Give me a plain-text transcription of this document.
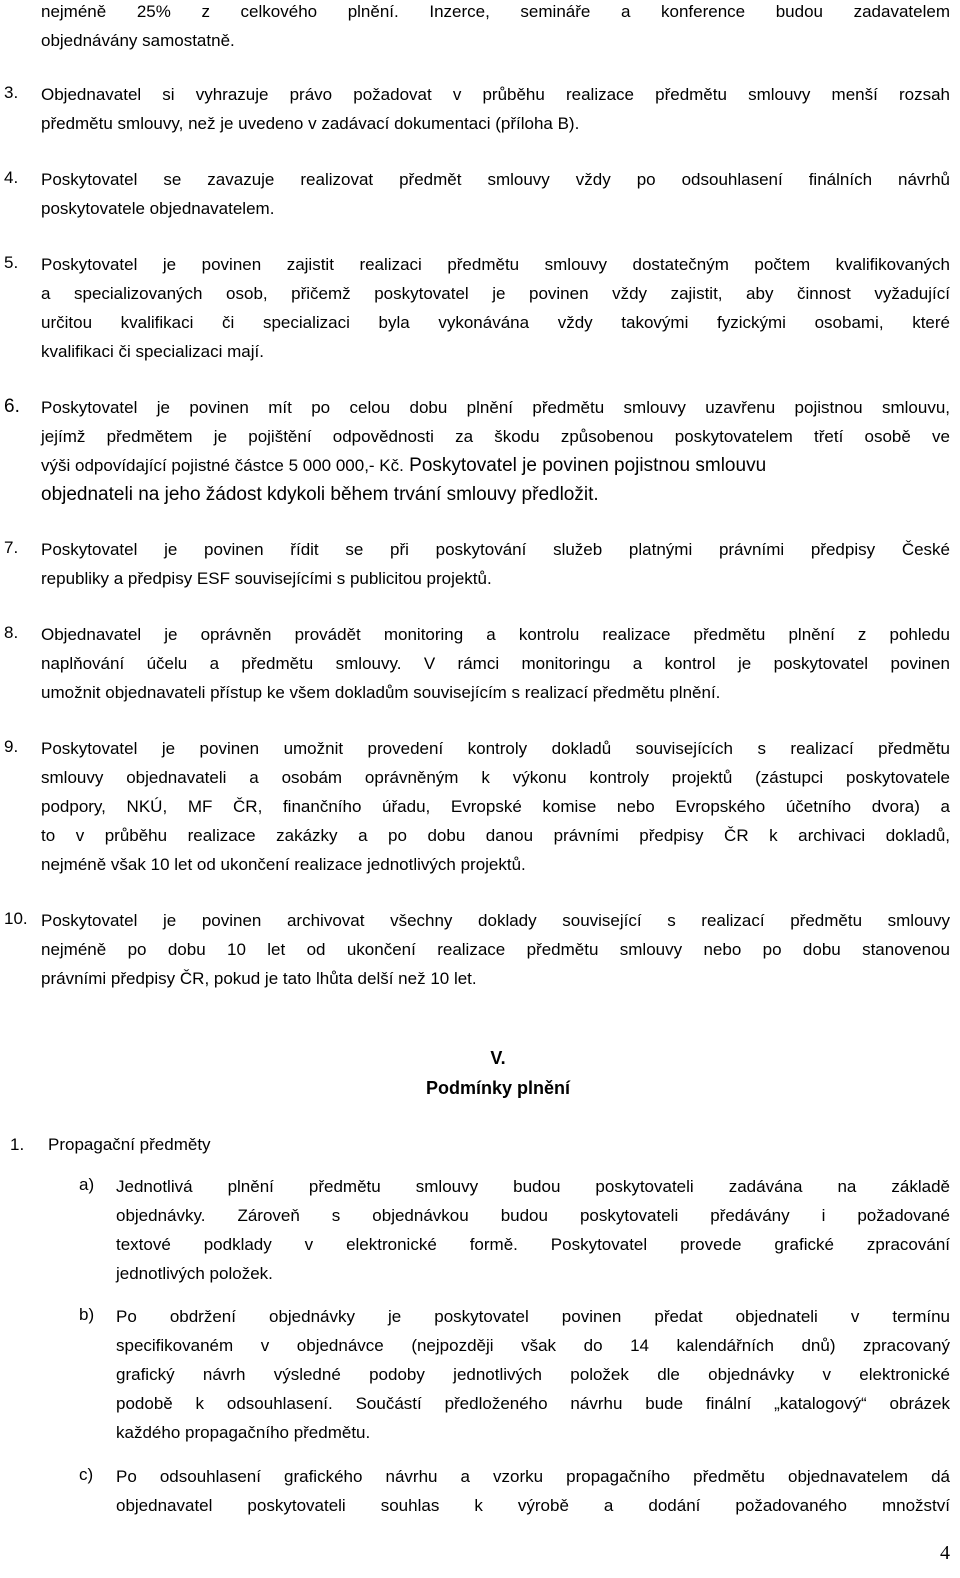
nejméně 25% z celkového plnění. Inzerce, semináře a konference budou zadavatelem
objednávány samostatně.
3.	Objednavatel si vyhrazuje právo požadovat v průběhu realizace předmětu smlouvy menší rozsah
předmětu smlouvy, než je uvedeno v zadávací dokumentaci (příloha B).
4.	Poskytovatel se zavazuje realizovat předmět smlouvy vždy po odsouhlasení finálních návrhů
poskytovatele objednavatelem.
5.	Poskytovatel je povinen zajistit realizaci předmětu smlouvy dostatečným počtem kvalifikovaných
a specializovaných osob, přičemž poskytovatel je povinen vždy zajistit, aby činnost vyžadující
určitou kvalifikaci či specializaci byla vykonávána vždy takovými fyzickými osobami, které
kvalifikaci či specializaci mají.
6.	Poskytovatel je povinen mít po celou dobu plnění předmětu smlouvy uzavřenu pojistnou smlouvu,
jejímž předmětem je pojištění odpovědnosti za škodu způsobenou poskytovatelem třetí osobě ve
výši odpovídající pojistné částce 5 000 000,- Kč. Poskytovatel je povinen pojistnou smlouvu
objednateli na jeho žádost kdykoli během trvání smlouvy předložit.
7.	Poskytovatel je povinen řídit se při poskytování služeb platnými právními předpisy České
republiky a předpisy ESF souvisejícími s publicitou projektů.
8.	Objednavatel je oprávněn provádět monitoring a kontrolu realizace předmětu plnění z pohledu
naplňování účelu a předmětu smlouvy. V rámci monitoringu a kontrol je poskytovatel povinen
umožnit objednavateli přístup ke všem dokladům souvisejícím s realizací předmětu plnění.
9.	Poskytovatel je povinen umožnit provedení kontroly dokladů souvisejících s realizací předmětu
smlouvy objednavateli a osobám oprávněným k výkonu kontroly projektů (zástupci poskytovatele
podpory, NKÚ, MF ČR, finančního úřadu, Evropské komise nebo Evropského účetního dvora) a
to v průběhu realizace zakázky a po dobu danou právními předpisy ČR k archivaci dokladů,
nejméně však 10 let od ukončení realizace jednotlivých projektů.
10. Poskytovatel je povinen archivovat všechny doklady související s realizací předmětu smlouvy
nejméně po dobu 10 let od ukončení realizace předmětu smlouvy nebo po dobu stanovenou
právními předpisy ČR, pokud je tato lhůta delší než 10 let.
V.
Podmínky plnění
1. Propagační předměty
a)	Jednotlivá plnění předmětu smlouvy budou poskytovateli zadávána na základě
objednávky. Zároveň s objednávkou budou poskytovateli předávány i požadované
textové podklady v elektronické formě. Poskytovatel provede grafické zpracování
jednotlivých položek.
b)	Po obdržení objednávky je poskytovatel povinen předat objednateli v termínu
specifikovaném v objednávce (nejpozději však do 14 kalendářních dnů) zpracovaný
grafický návrh výsledné podoby jednotlivých položek dle objednávky v elektronické
podobě k odsouhlasení. Součástí předloženého návrhu bude finální „katalogový“ obrázek
každého propagačního předmětu.
c)	Po odsouhlasení grafického návrhu a vzorku propagačního předmětu objednavatelem dá
objednavatel poskytovateli souhlas k výrobě a dodání požadovaného množství
4
